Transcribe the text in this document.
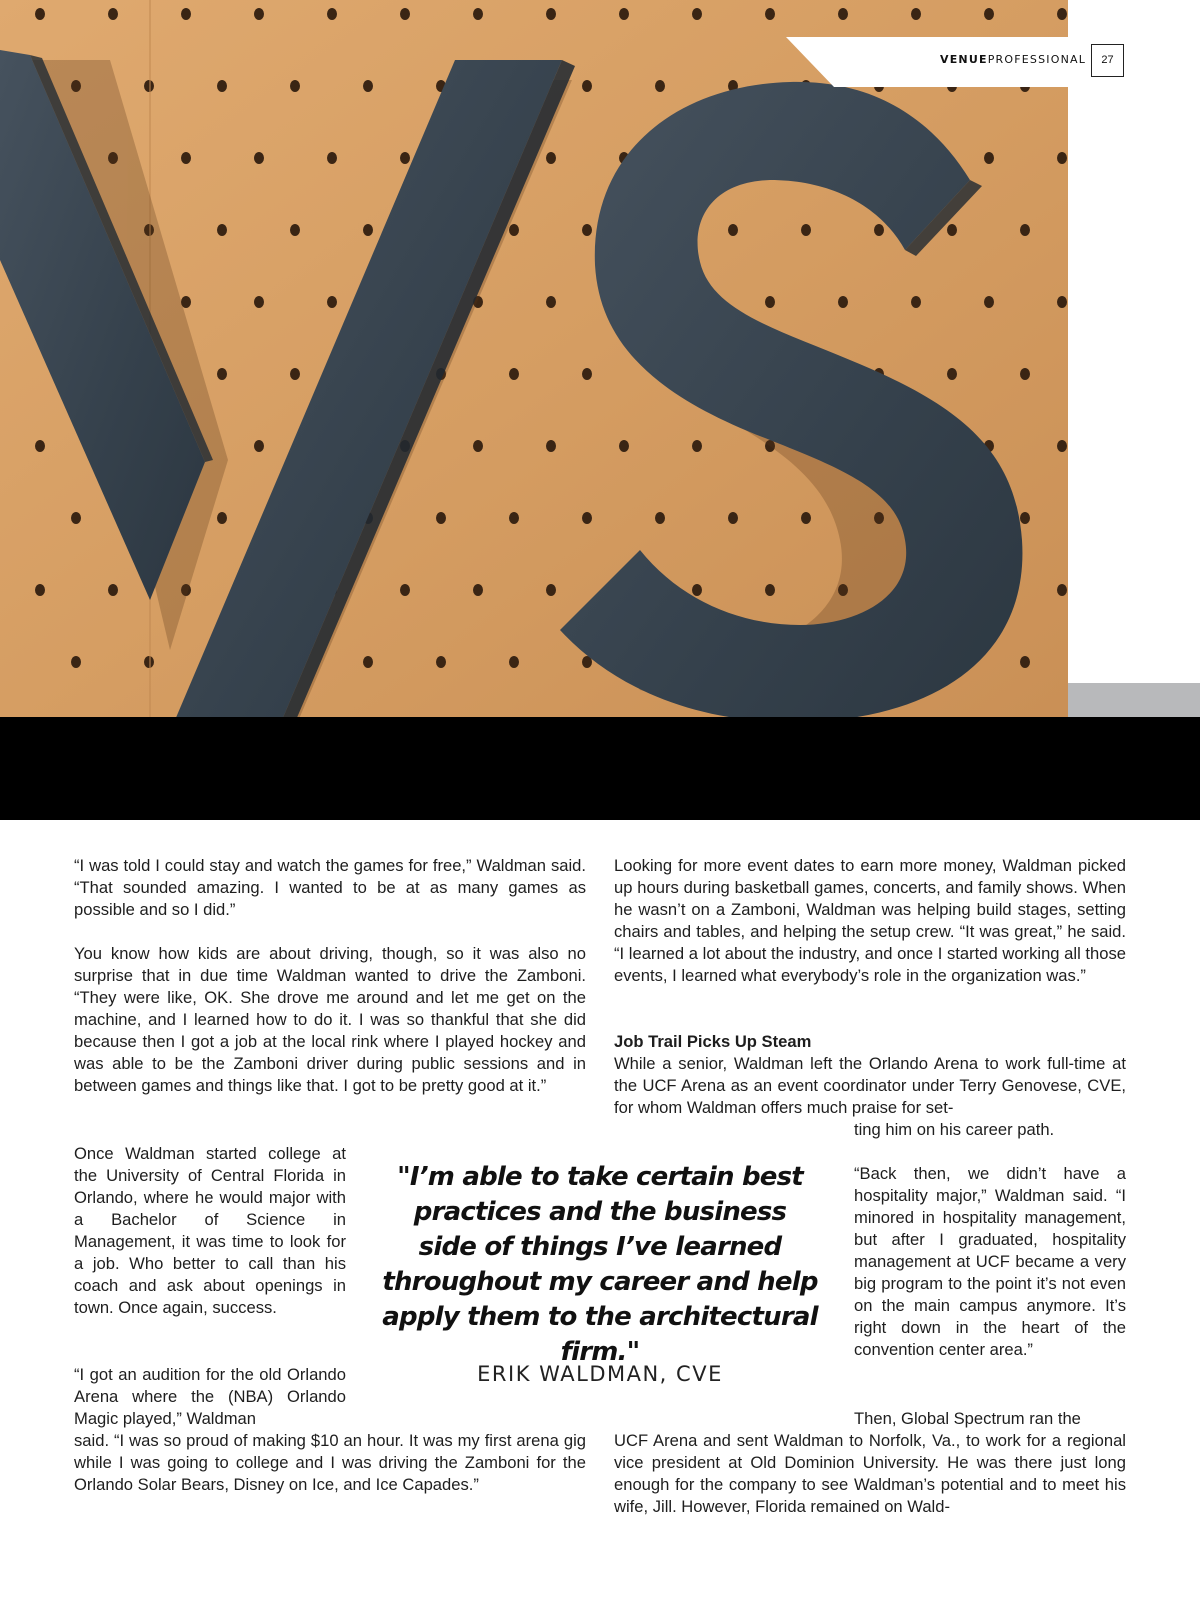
VENUEPROFESSIONAL	27

“I was told I could stay and watch the games for free,” Waldman said. “That sounded amazing. I wanted to be at as many games as possible and so I did.”

You know how kids are about driving, though, so it was also no surprise that in due time Waldman wanted to drive the Zamboni. “They were like, OK. She drove me around and let me get on the machine, and I learned how to do it. I was so thankful that she did because then I got a job at the local rink where I played hockey and was able to be the Zamboni driver during public sessions and in between games and things like that. I got to be pretty good at it.”

Once Waldman started college at the University of Central Florida in Orlando, where he would major with a Bachelor of Science in Management, it was time to look for a job. Who better to call than his coach and ask about openings in town. Once again, success.

“I got an audition for the old Orlando Arena where the (NBA) Orlando Magic played,” Waldman

said. “I was so proud of making $10 an hour. It was my first arena gig while I was going to college and I was driving the Zamboni for the Orlando Solar Bears, Disney on Ice, and Ice Capades.”

Looking for more event dates to earn more money, Waldman picked up hours during basketball games, concerts, and family shows. When he wasn’t on a Zamboni, Waldman was helping build stages, setting chairs and tables, and helping the setup crew. “It was great,” he said. “I learned a lot about the industry, and once I started working all those events, I learned what everybody’s role in the organization was.”

Job Trail Picks Up Steam

While a senior, Waldman left the Orlando Arena to work full-time at the UCF Arena as an event coordinator under Terry Genovese, CVE, for whom Waldman offers much praise for set-

ting him on his career path.

“Back then, we didn’t have a hospitality major,” Waldman said. “I minored in hospitality management, but after I graduated, hospitality management at UCF became a very big program to the point it’s not even on the main campus anymore. It’s right down in the heart of the convention center area.”

Then, Global Spectrum ran the

UCF Arena and sent Waldman to Norfolk, Va., to work for a regional vice president at Old Dominion University. He was there just long enough for the company to see Waldman’s potential and to meet his wife, Jill. However, Florida remained on Wald-

"I’m able to take certain best practices and the business side of things I’ve learned throughout my career and help apply them to the architectural firm."

ERIK WALDMAN, CVE
